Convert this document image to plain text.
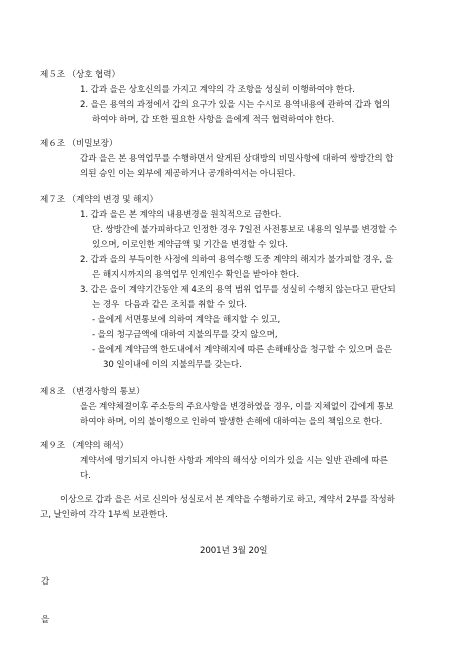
제５조 （상호 협력）
1. 갑과 을은 상호신의를 가지고 계약의 각 조항을 성실히 이행하여야 한다.
2. 을은 용역의 과정에서 갑의 요구가 있을 시는 수시로 용역내용에 관하여 갑과 협의
하여야 하며, 갑 또한 필요한 사항을 을에게 적극 협력하여야 한다.
제６조 （비밀보장）
갑과 을은 본 용역업무를 수행하면서 알게된 상대방의 비밀사항에 대하여 쌍방간의 합
의된 승인 이는 외부에 제공하거나 공개하여서는 아니된다.
제７조 （계약의 변경 및 해지）
1. 갑과 을은 본 계약의 내용변경을 원칙적으로 금한다.
단. 쌍방간에 불가피하다고 인정한 경우 7일전 사전통보로 내용의 일부를 변경할 수
있으며, 이로인한 계약금액 및 기간을 변경할 수 있다.
2. 갑과 을의 부득이한 사정에 의하여 용역수행 도중 계약의 해지가 불가피할 경우, 을
은 해지시까지의 용역업무 인계인수 확인을 받아야 한다.
3. 갑은 을이 계약기간동안 제 4조의 용역 범위 업무를 성실히 수행치 않는다고 판단되
는 경우  다음과 같은 조치를 취할 수 있다.
- 을에게 서면통보에 의하여 계약을 해지할 수 있고,
- 을의 청구금액에 대하여 지불의무를 갖지 않으며,
- 을에게 계약금액 한도내에서 계약해지에 따른 손해배상을 청구할 수 있으며 을은
30 일이내에 이의 지불의무를 갖는다.
제８조 （변경사항의 통보）
을은 계약체결이후 주소등의 주요사항을 변경하였을 경우, 이를 지체없이 갑에게 통보
하여야 하며, 이의 불이행으로 인하여 발생한 손해에 대하여는 을의 책임으로 한다.
제９조 （계약의 해석）
계약서에 명기되지 아니한 사항과 계약의 해석상 이의가 있을 시는 일반 관례에 따른
다.
이상으로 갑과 을은 서로 신의아 성실로서 본 계약을 수행하기로 하고, 계약서 2부를 작성하
고, 날인하여 각각 1부씩 보관한다.
2001년 3월 20일
갑
을
